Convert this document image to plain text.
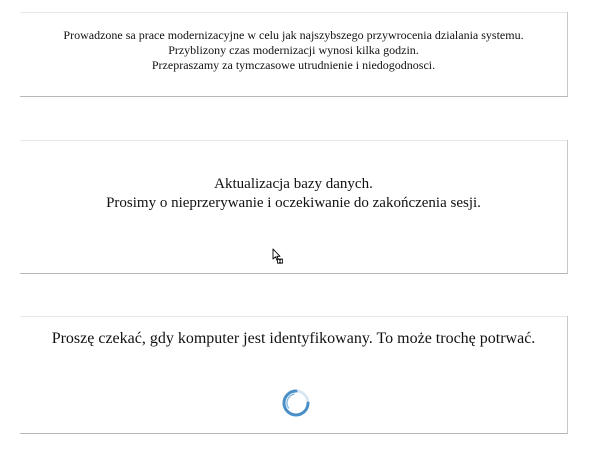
Prowadzone sa prace modernizacyjne w celu jak najszybszego przywrocenia dzialania systemu.
Przyblizony czas modernizacji wynosi kilka godzin.
Przepraszamy za tymczasowe utrudnienie i niedogodnosci.
Aktualizacja bazy danych.
Prosimy o nieprzerywanie i oczekiwanie do zakończenia sesji.
Proszę czekać, gdy komputer jest identyfikowany. To może trochę potrwać.
